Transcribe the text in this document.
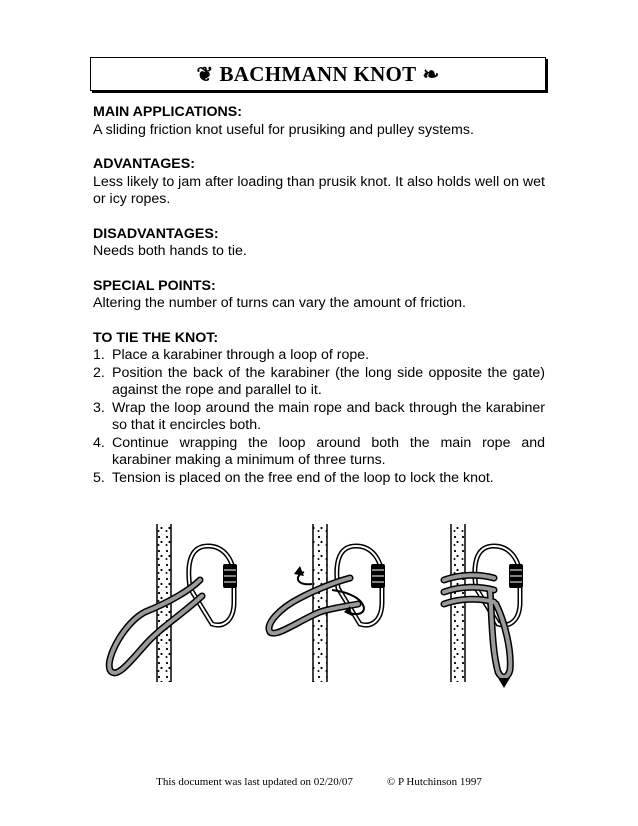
❦ BACHMANN KNOT ❧
MAIN APPLICATIONS:
A sliding friction knot useful for prusiking and pulley systems.
ADVANTAGES:
Less likely to jam after loading than prusik knot. It also holds well on wet or icy ropes.
DISADVANTAGES:
Needs both hands to tie.
SPECIAL POINTS:
Altering the number of turns can vary the amount of friction.
TO TIE THE KNOT:
1. Place a karabiner through a loop of rope.
2. Position the back of the karabiner (the long side opposite the gate) against the rope and parallel to it.
3. Wrap the loop around the main rope and back through the karabiner so that it encircles both.
4. Continue wrapping the loop around both the main rope and karabiner making a minimum of three turns.
5. Tension is placed on the free end of the loop to lock the knot.
This document was last updated on 02/20/07	© P Hutchinson 1997
